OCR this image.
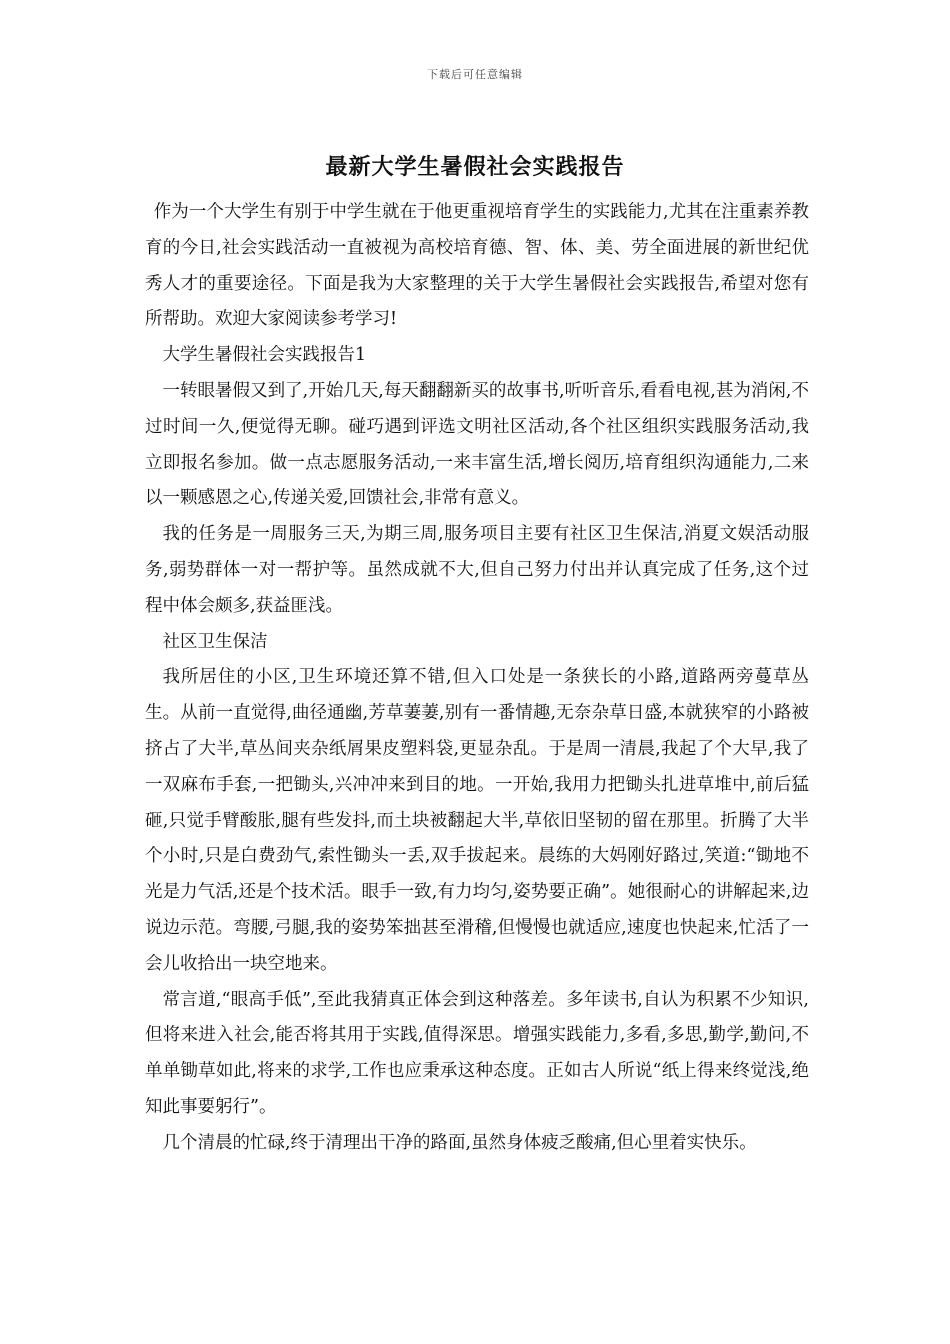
下载后可任意编辑
最新大学生暑假社会实践报告

作为一个大学生有别于中学生就在于他更重视培育学生的实践能力,尤其在注重素养教育的今日,社会实践活动一直被视为高校培育德、智、体、美、劳全面进展的新世纪优秀人才的重要途径。下面是我为大家整理的关于大学生暑假社会实践报告,希望对您有所帮助。欢迎大家阅读参考学习!

大学生暑假社会实践报告1

一转眼暑假又到了,开始几天,每天翻翻新买的故事书,听听音乐,看看电视,甚为消闲,不过时间一久,便觉得无聊。碰巧遇到评选文明社区活动,各个社区组织实践服务活动,我立即报名参加。做一点志愿服务活动,一来丰富生活,增长阅历,培育组织沟通能力,二来以一颗感恩之心,传递关爱,回馈社会,非常有意义。

我的任务是一周服务三天,为期三周,服务项目主要有社区卫生保洁,消夏文娱活动服务,弱势群体一对一帮护等。虽然成就不大,但自己努力付出并认真完成了任务,这个过程中体会颇多,获益匪浅。

社区卫生保洁

我所居住的小区,卫生环境还算不错,但入口处是一条狭长的小路,道路两旁蔓草丛生。从前一直觉得,曲径通幽,芳草萋萋,别有一番情趣,无奈杂草日盛,本就狭窄的小路被挤占了大半,草丛间夹杂纸屑果皮塑料袋,更显杂乱。于是周一清晨,我起了个大早,我了一双麻布手套,一把锄头,兴冲冲来到目的地。一开始,我用力把锄头扎进草堆中,前后猛砸,只觉手臂酸胀,腿有些发抖,而土块被翻起大半,草依旧坚韧的留在那里。折腾了大半个小时,只是白费劲气,索性锄头一丢,双手拔起来。晨练的大妈刚好路过,笑道:“锄地不光是力气活,还是个技术活。眼手一致,有力均匀,姿势要正确”。她很耐心的讲解起来,边说边示范。弯腰,弓腿,我的姿势笨拙甚至滑稽,但慢慢也就适应,速度也快起来,忙活了一会儿收拾出一块空地来。

常言道,“眼高手低”,至此我猜真正体会到这种落差。多年读书,自认为积累不少知识,但将来进入社会,能否将其用于实践,值得深思。增强实践能力,多看,多思,勤学,勤问,不单单锄草如此,将来的求学,工作也应秉承这种态度。正如古人所说“纸上得来终觉浅,绝知此事要躬行”。

几个清晨的忙碌,终于清理出干净的路面,虽然身体疲乏酸痛,但心里着实快乐。
